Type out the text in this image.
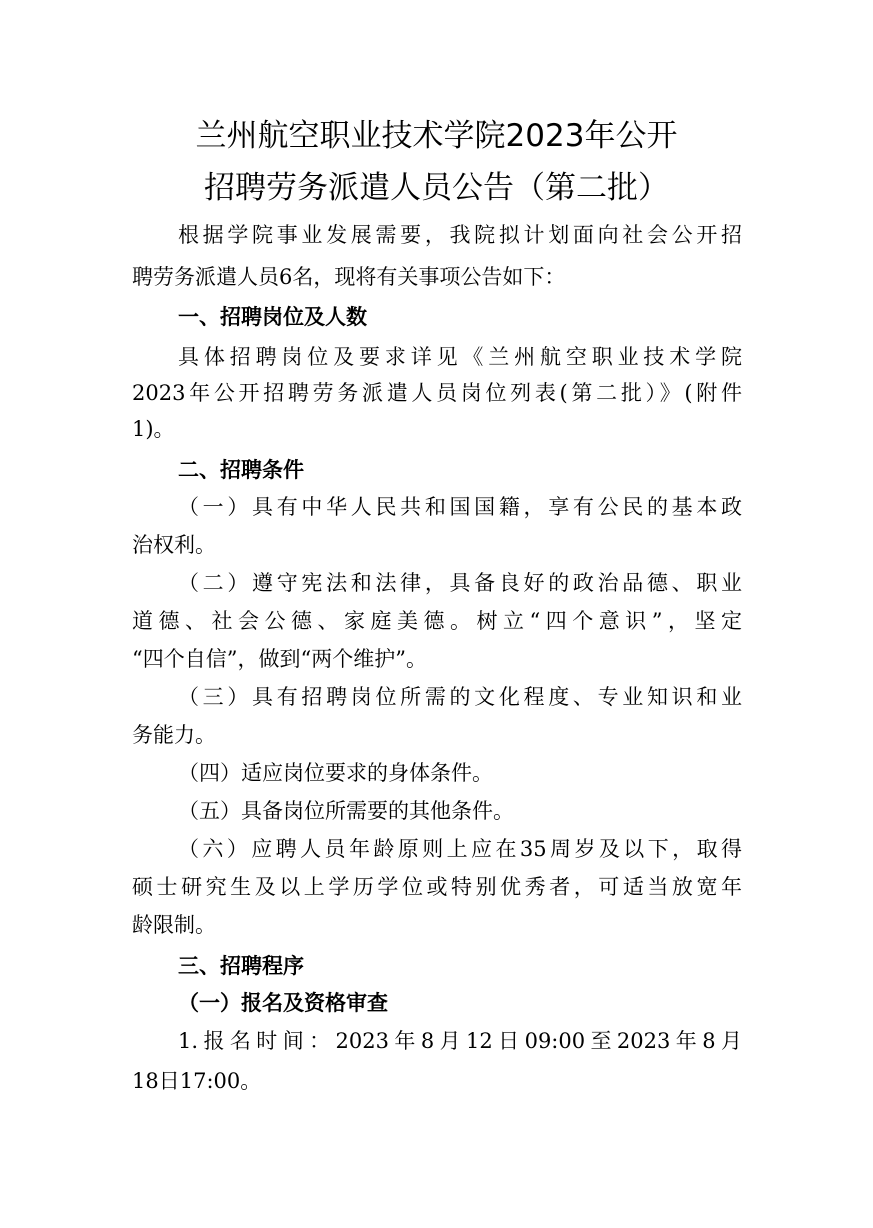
兰州航空职业技术学院2023年公开
招聘劳务派遣人员公告（第二批）

根据学院事业发展需要，我院拟计划面向社会公开招

聘劳务派遣人员6名，现将有关事项公告如下：

一、招聘岗位及人数

具体招聘岗位及要求详见《兰州航空职业技术学院

2023年公开招聘劳务派遣人员岗位列表(第二批）》(附件

1)。

二、招聘条件

（一）具有中华人民共和国国籍，享有公民的基本政

治权利。

（二）遵守宪法和法律，具备良好的政治品德、职业

道德、社会公德、家庭美德。树立“四个意识”，坚定

“四个自信”，做到“两个维护”。

（三）具有招聘岗位所需的文化程度、专业知识和业

务能力。

（四）适应岗位要求的身体条件。

（五）具备岗位所需要的其他条件。

（六）应聘人员年龄原则上应在35周岁及以下，取得

硕士研究生及以上学历学位或特别优秀者，可适当放宽年

龄限制。

三、招聘程序

（一）报名及资格审查

1.报名时间：2023年8月12日09:00至2023年8月

18日17:00。
